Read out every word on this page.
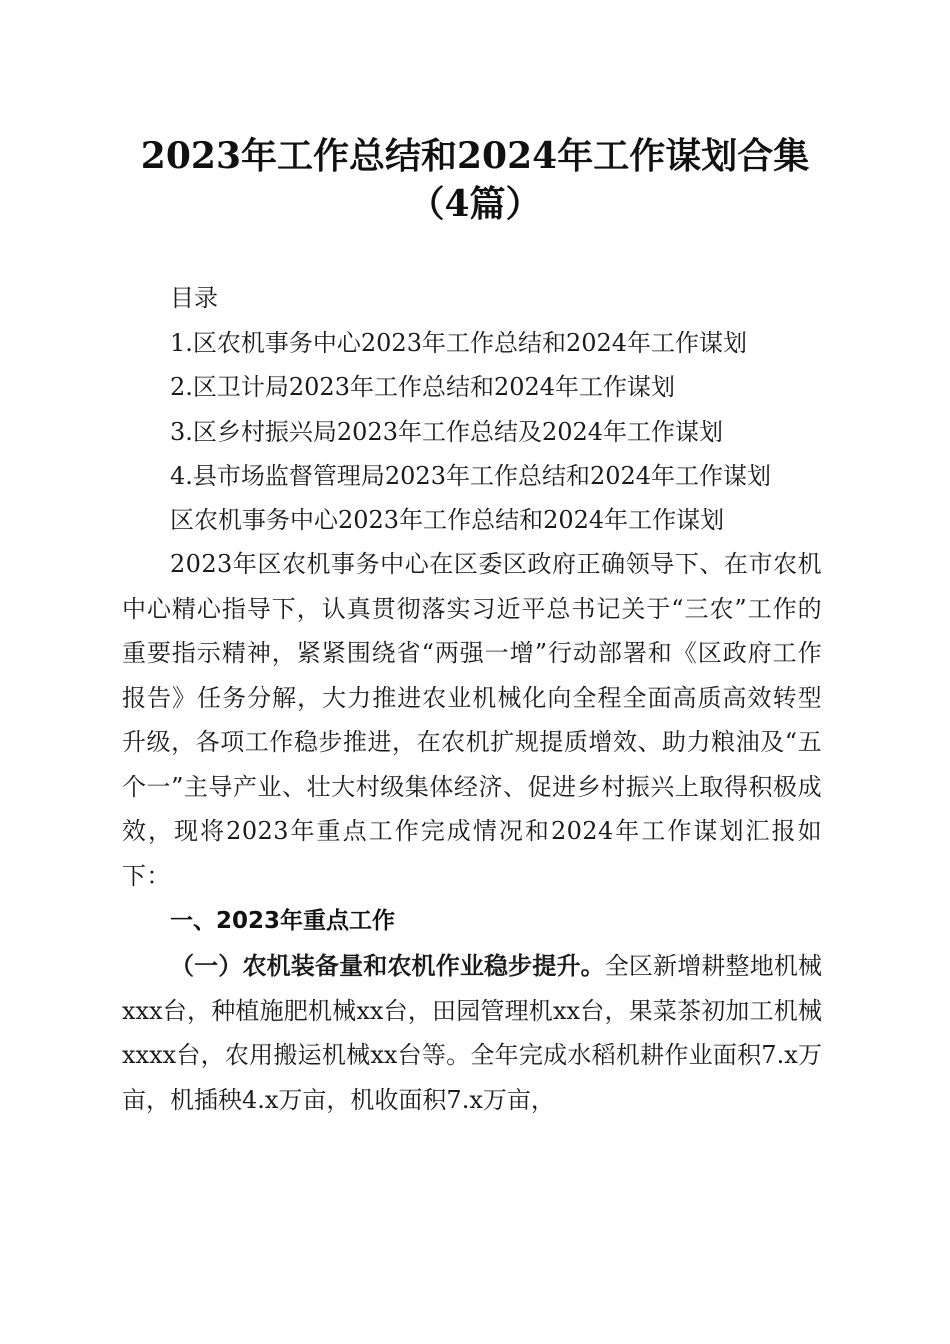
2023年工作总结和2024年工作谋划合集（4篇）
目录
1.区农机事务中心2023年工作总结和2024年工作谋划
2.区卫计局2023年工作总结和2024年工作谋划
3.区乡村振兴局2023年工作总结及2024年工作谋划
4.县市场监督管理局2023年工作总结和2024年工作谋划
区农机事务中心2023年工作总结和2024年工作谋划

2023年区农机事务中心在区委区政府正确领导下、在市农机中心精心指导下，认真贯彻落实习近平总书记关于“三农”工作的重要指示精神，紧紧围绕省“两强一增”行动部署和《区政府工作报告》任务分解，大力推进农业机械化向全程全面高质高效转型升级，各项工作稳步推进，在农机扩规提质增效、助力粮油及“五个一”主导产业、壮大村级集体经济、促进乡村振兴上取得积极成效，现将2023年重点工作完成情况和2024年工作谋划汇报如下：

一、2023年重点工作

（一）农机装备量和农机作业稳步提升。全区新增耕整地机械xxx台，种植施肥机械xx台，田园管理机xx台，果菜茶初加工机械xxxx台，农用搬运机械xx台等。全年完成水稻机耕作业面积7.x万亩，机插秧4.x万亩，机收面积7.x万亩，
